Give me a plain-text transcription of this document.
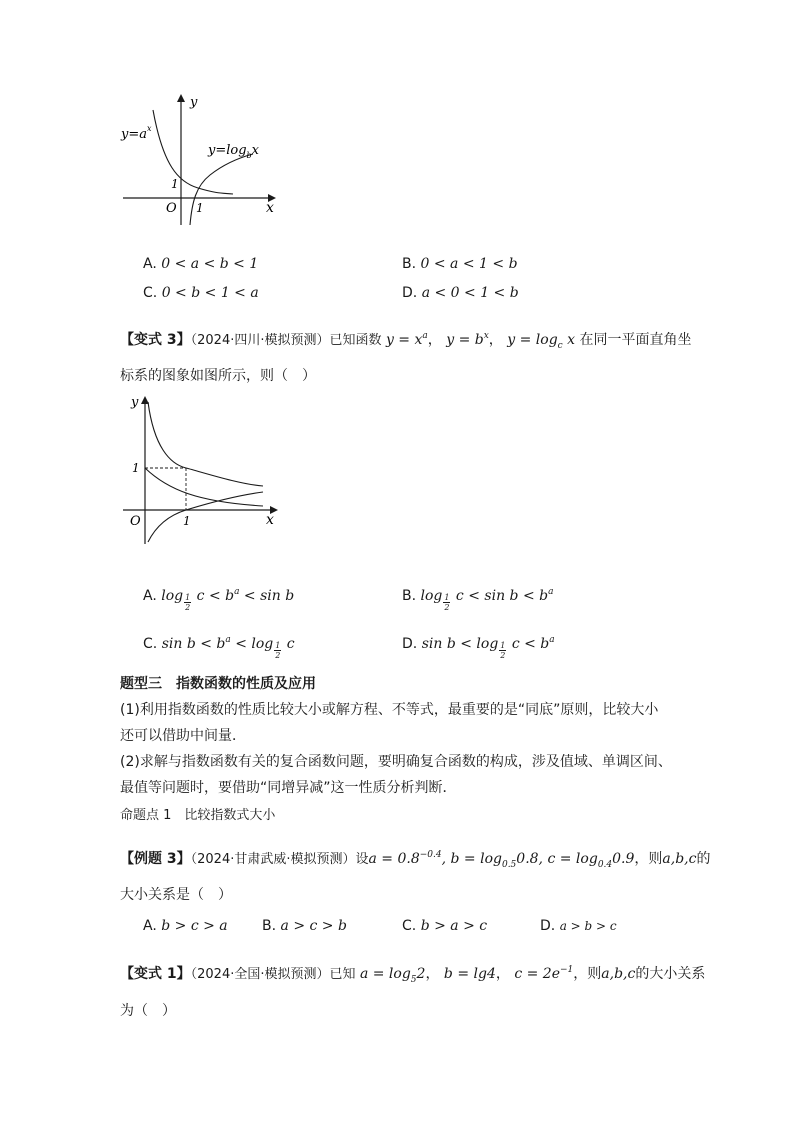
y
x
O 1
1
$y=a^x$
$y=\log_bx$
A. 0 < a < b < 1	B. 0 < a < 1 < b
C. 0 < b < 1 < a	D. a < 0 < 1 < b
【变式 3】（2024·四川·模拟预测）已知函数 $y = x^a$， $y = b^x$， $y = \log_c x$ 在同一平面直角坐
标系的图象如图所示，则（　）
y
x
O	1
1
A. $\log \frac{1}{2}$ $c < b^a < \sin b$	B. $\log \frac{1}{2}$ $c < \sin b < b^a$
C. $\sin b < b^a < \log \frac{1}{2}$ c	D. $\sin b < \log \frac{1}{2}$ $c < b^a$
题型三　指数函数的性质及应用
(1)利用指数函数的性质比较大小或解方程、不等式，最重要的是“同底”原则，比较大小
还可以借助中间量．
(2)求解与指数函数有关的复合函数问题，要明确复合函数的构成，涉及值域、单调区间、
最值等问题时，要借助“同增异减”这一性质分析判断．
命题点 1　比较指数式大小
【例题 3】（2024·甘肃武威·模拟预测）设$a = 0.8^{-0.4}$, $b = \log_{0.5}0.8$, $c = \log_{0.4}0.9$，则a,b,c的
大小关系是（　）
A. b > c > a B. a > c > b	C. b > a > c	D. a > b > c
【变式 1】（2024·全国·模拟预测）已知 $a = \log_52$， b = lg4， $c = 2e^{-1}$，则a,b,c的大小关系
为（　）
